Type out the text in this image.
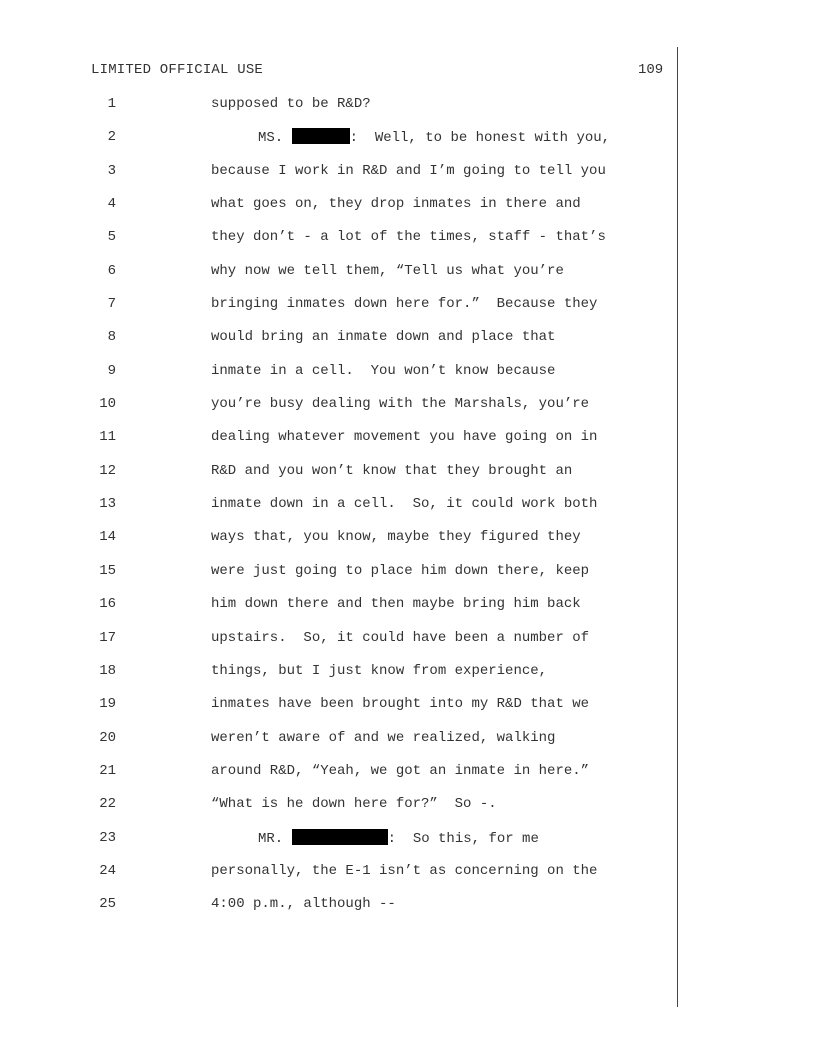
LIMITED OFFICIAL USE	109
1	supposed to be R&D?
2	MS.	:  Well, to be honest with you,
3	because I work in R&D and I’m going to tell you
4	what goes on, they drop inmates in there and
5	they don’t - a lot of the times, staff - that’s
6	why now we tell them, “Tell us what you’re
7	bringing inmates down here for.”  Because they
8	would bring an inmate down and place that
9	inmate in a cell.  You won’t know because
10	you’re busy dealing with the Marshals, you’re
11	dealing whatever movement you have going on in
12	R&D and you won’t know that they brought an
13	inmate down in a cell.  So, it could work both
14	ways that, you know, maybe they figured they
15	were just going to place him down there, keep
16	him down there and then maybe bring him back
17	upstairs.  So, it could have been a number of
18	things, but I just know from experience,
19	inmates have been brought into my R&D that we
20	weren’t aware of and we realized, walking
21	around R&D, “Yeah, we got an inmate in here.”
22	“What is he down here for?”  So -.
23	MR.	:  So this, for me
24	personally, the E-1 isn’t as concerning on the
25	4:00 p.m., although --
